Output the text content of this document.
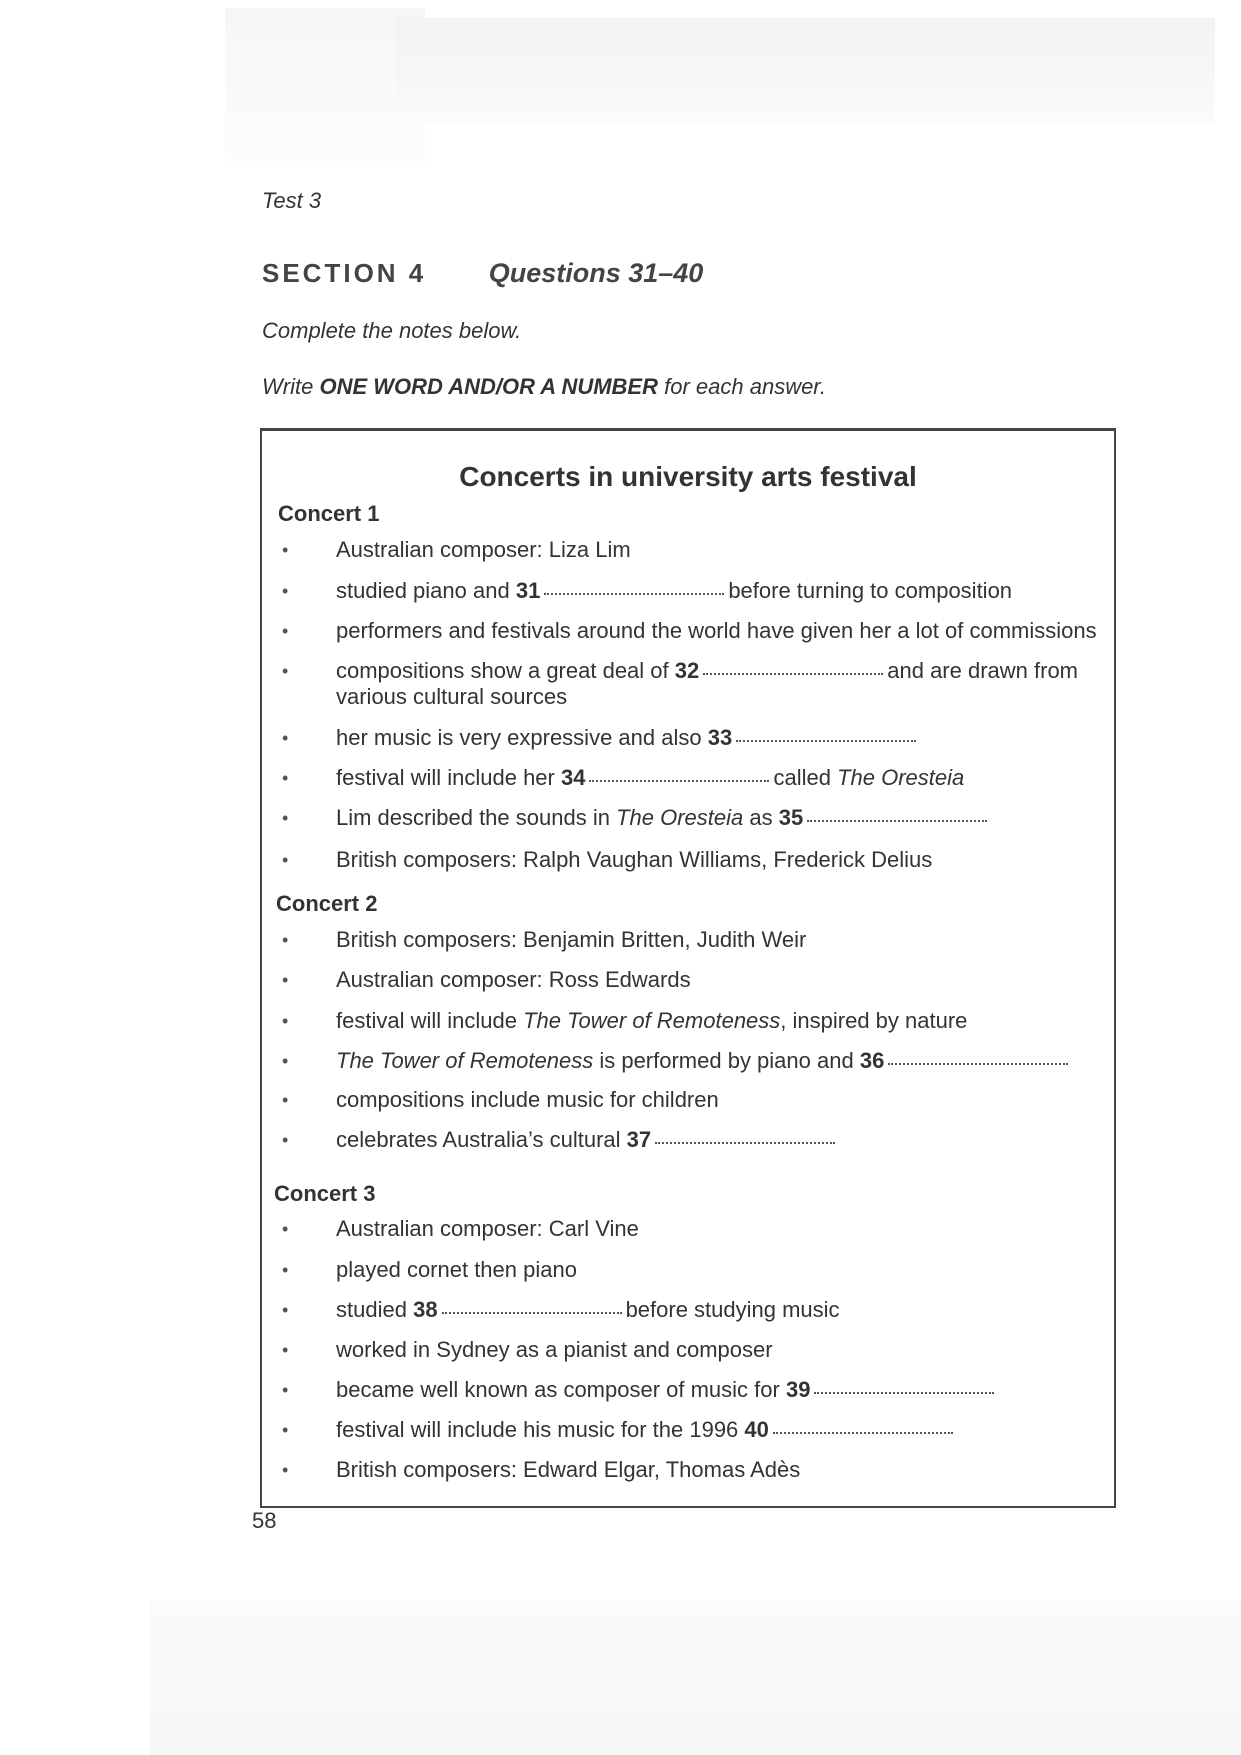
Test 3
SECTION 4 Questions 31–40
Complete the notes below.
Write ONE WORD AND/OR A NUMBER for each answer.
Concerts in university arts festival
Concert 1
•	Australian composer: Liza Lim
•	studied piano and 31	before turning to composition
•	performers and festivals around the world have given her a lot of commissions
•	compositions show a great deal of 32	and are drawn from various cultural sources
•	her music is very expressive and also 33
•	festival will include her 34	called The Oresteia
•	Lim described the sounds in The Oresteia as 35
•	British composers: Ralph Vaughan Williams, Frederick Delius
Concert 2
•	British composers: Benjamin Britten, Judith Weir
•	Australian composer: Ross Edwards
•	festival will include The Tower of Remoteness, inspired by nature
•	The Tower of Remoteness is performed by piano and 36
•	compositions include music for children
•	celebrates Australia’s cultural 37
Concert 3
•	Australian composer: Carl Vine
•	played cornet then piano
•	studied 38	before studying music
•	worked in Sydney as a pianist and composer
•	became well known as composer of music for 39
•	festival will include his music for the 1996 40
•	British composers: Edward Elgar, Thomas Adès
58
